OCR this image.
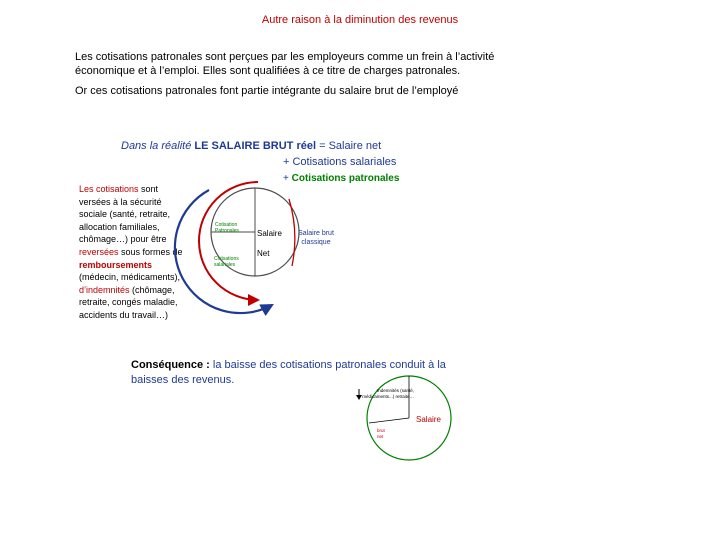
Autre raison à la diminution des revenus
Les cotisations patronales sont perçues par les employeurs comme un frein à l’activité économique et à l’emploi. Elles sont qualifiées à ce titre de charges patronales.
Or ces cotisations patronales font partie intégrante du salaire brut de l’employé
Dans la réalité LE SALAIRE BRUT réel = Salaire net
+ Cotisations salariales
+ Cotisations patronales
Les cotisations sont versées à la sécurité sociale (santé, retraite, allocation familiales, chômage…) pour être reversées sous formes de remboursements (médecin, médicaments), d’indemnités (chômage, retraite, congés maladie, accidents du travail…)
Cotisation Patronales
Cotisations salariales
Salaire
Net
Salaire brut classique
Conséquence : la baisse des cotisations patronales conduit à la baisses des revenus.
Indemnités (santé, médicaments...) retraite…
Salaire
brut net
